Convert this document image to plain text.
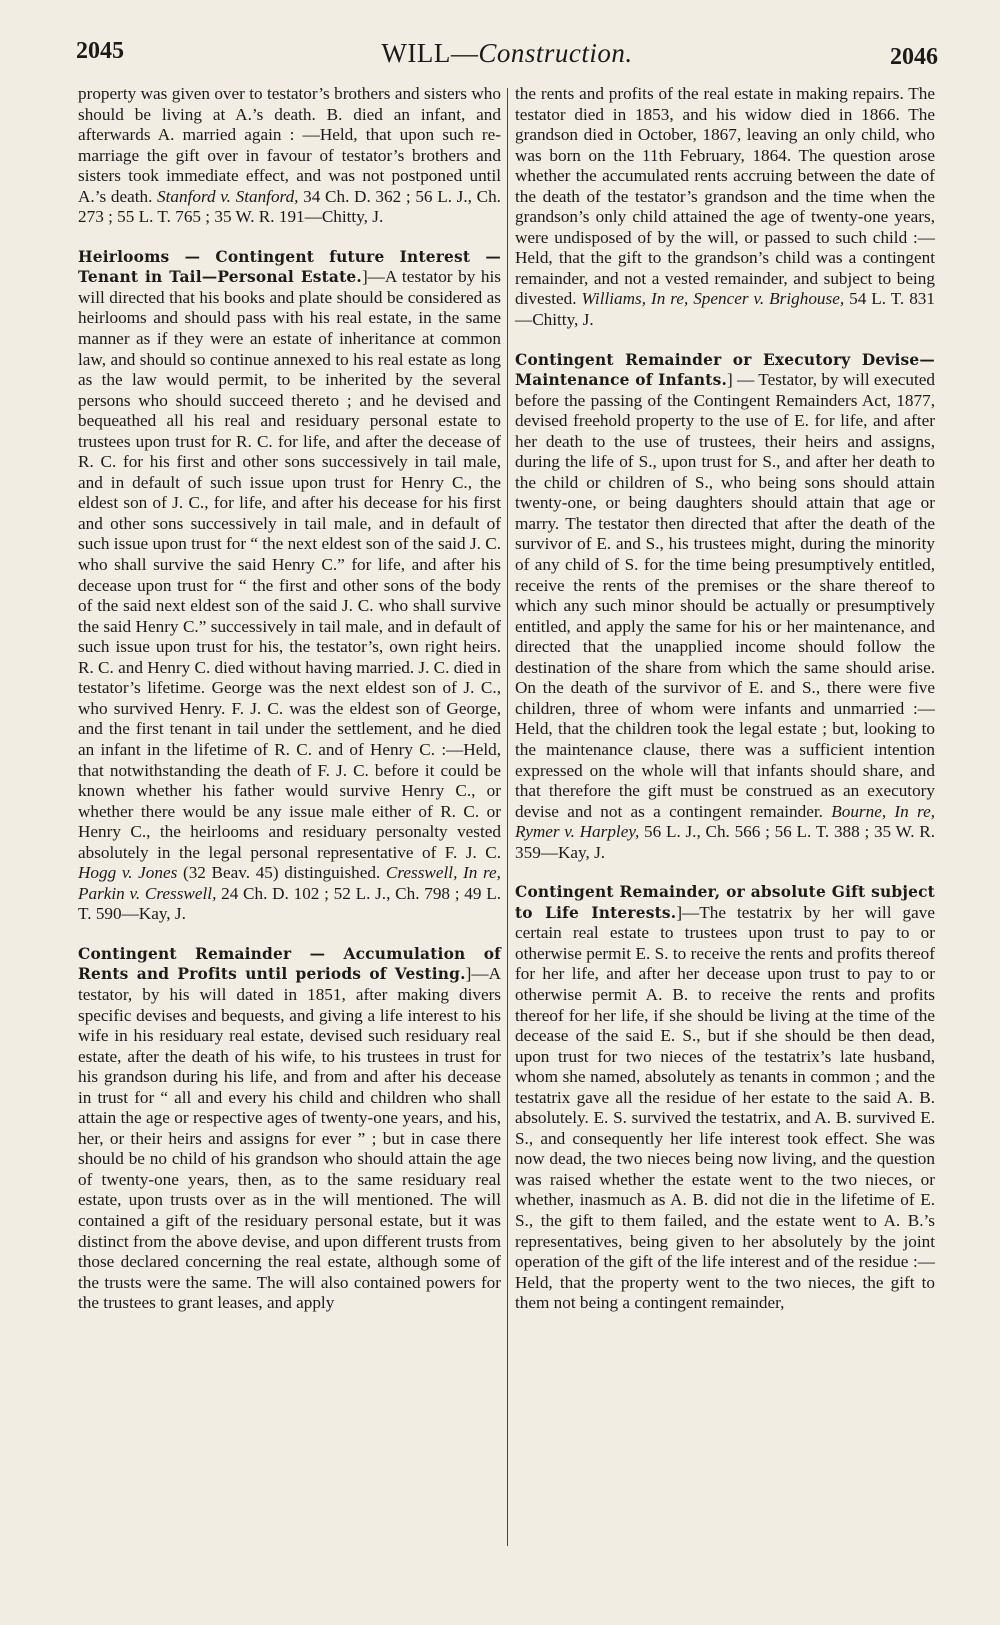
2045	WILL—Construction.	2046

property was given over to testator’s brothers and sisters who should be living at A.’s death. B. died an infant, and afterwards A. married again : —Held, that upon such re-marriage the gift over in favour of testator’s brothers and sisters took immediate effect, and was not postponed until A.’s death. Stanford v. Stanford, 34 Ch. D. 362 ; 56 L. J., Ch. 273 ; 55 L. T. 765 ; 35 W. R. 191—Chitty, J.

Heirlooms — Contingent future Interest — Tenant in Tail—Personal Estate.]—A testator by his will directed that his books and plate should be considered as heirlooms and should pass with his real estate, in the same manner as if they were an estate of inheritance at common law, and should so continue annexed to his real estate as long as the law would permit, to be inherited by the several persons who should succeed thereto ; and he devised and bequeathed all his real and residuary personal estate to trustees upon trust for R. C. for life, and after the decease of R. C. for his first and other sons successively in tail male, and in default of such issue upon trust for Henry C., the eldest son of J. C., for life, and after his decease for his first and other sons successively in tail male, and in default of such issue upon trust for “ the next eldest son of the said J. C. who shall survive the said Henry C.” for life, and after his decease upon trust for “ the first and other sons of the body of the said next eldest son of the said J. C. who shall survive the said Henry C.” successively in tail male, and in default of such issue upon trust for his, the testator’s, own right heirs. R. C. and Henry C. died without having married. J. C. died in testator’s lifetime. George was the next eldest son of J. C., who survived Henry. F. J. C. was the eldest son of George, and the first tenant in tail under the settlement, and he died an infant in the lifetime of R. C. and of Henry C. :—Held, that notwithstanding the death of F. J. C. before it could be known whether his father would survive Henry C., or whether there would be any issue male either of R. C. or Henry C., the heirlooms and residuary personalty vested absolutely in the legal personal representative of F. J. C. Hogg v. Jones (32 Beav. 45) distinguished. Cresswell, In re, Parkin v. Cresswell, 24 Ch. D. 102 ; 52 L. J., Ch. 798 ; 49 L. T. 590—Kay, J.

Contingent Remainder — Accumulation of Rents and Profits until periods of Vesting.]—A testator, by his will dated in 1851, after making divers specific devises and bequests, and giving a life interest to his wife in his residuary real estate, devised such residuary real estate, after the death of his wife, to his trustees in trust for his grandson during his life, and from and after his decease in trust for “ all and every his child and children who shall attain the age or respective ages of twenty-one years, and his, her, or their heirs and assigns for ever ” ; but in case there should be no child of his grandson who should attain the age of twenty-one years, then, as to the same residuary real estate, upon trusts over as in the will mentioned. The will contained a gift of the residuary personal estate, but it was distinct from the above devise, and upon different trusts from those declared concerning the real estate, although some of the trusts were the same. The will also contained powers for the trustees to grant leases, and apply

the rents and profits of the real estate in making repairs. The testator died in 1853, and his widow died in 1866. The grandson died in October, 1867, leaving an only child, who was born on the 11th February, 1864. The question arose whether the accumulated rents accruing between the date of the death of the testator’s grandson and the time when the grandson’s only child attained the age of twenty-one years, were undisposed of by the will, or passed to such child :—Held, that the gift to the grandson’s child was a contingent remainder, and not a vested remainder, and subject to being divested. Williams, In re, Spencer v. Brighouse, 54 L. T. 831—Chitty, J.

Contingent Remainder or Executory Devise— Maintenance of Infants.] — Testator, by will executed before the passing of the Contingent Remainders Act, 1877, devised freehold property to the use of E. for life, and after her death to the use of trustees, their heirs and assigns, during the life of S., upon trust for S., and after her death to the child or children of S., who being sons should attain twenty-one, or being daughters should attain that age or marry. The testator then directed that after the death of the survivor of E. and S., his trustees might, during the minority of any child of S. for the time being presumptively entitled, receive the rents of the premises or the share thereof to which any such minor should be actually or presumptively entitled, and apply the same for his or her maintenance, and directed that the unapplied income should follow the destination of the share from which the same should arise. On the death of the survivor of E. and S., there were five children, three of whom were infants and unmarried :—Held, that the children took the legal estate ; but, looking to the maintenance clause, there was a sufficient intention expressed on the whole will that infants should share, and that therefore the gift must be construed as an executory devise and not as a contingent remainder. Bourne, In re, Rymer v. Harpley, 56 L. J., Ch. 566 ; 56 L. T. 388 ; 35 W. R. 359—Kay, J.

Contingent Remainder, or absolute Gift subject to Life Interests.]—The testatrix by her will gave certain real estate to trustees upon trust to pay to or otherwise permit E. S. to receive the rents and profits thereof for her life, and after her decease upon trust to pay to or otherwise permit A. B. to receive the rents and profits thereof for her life, if she should be living at the time of the decease of the said E. S., but if she should be then dead, upon trust for two nieces of the testatrix’s late husband, whom she named, absolutely as tenants in common ; and the testatrix gave all the residue of her estate to the said A. B. absolutely. E. S. survived the testatrix, and A. B. survived E. S., and consequently her life interest took effect. She was now dead, the two nieces being now living, and the question was raised whether the estate went to the two nieces, or whether, inasmuch as A. B. did not die in the lifetime of E. S., the gift to them failed, and the estate went to A. B.’s representatives, being given to her absolutely by the joint operation of the gift of the life interest and of the residue :—Held, that the property went to the two nieces, the gift to them not being a contingent remainder,
